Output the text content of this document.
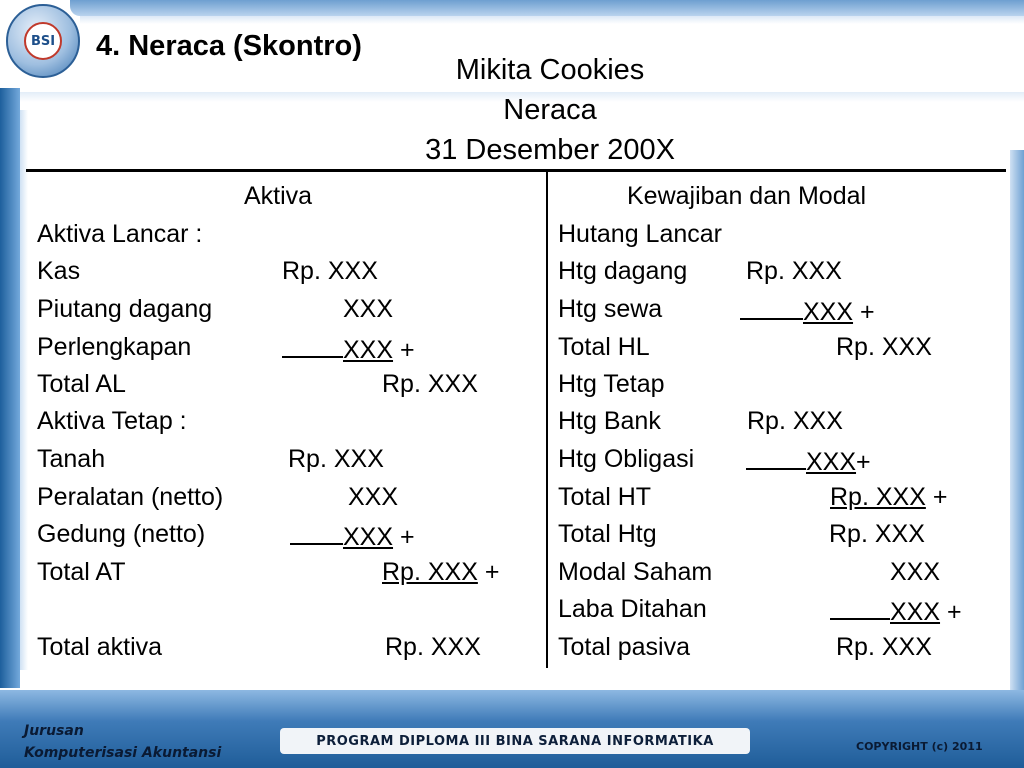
BSI 4. Neraca (Skontro)
Mikita Cookies
Neraca
31 Desember 200X
Aktiva
Aktiva Lancar :
Kas	Rp. XXX
Piutang dagang	XXX
Perlengkapan	XXX +
Total AL	Rp. XXX
Aktiva Tetap :
Tanah	Rp. XXX
Peralatan (netto)	XXX
Gedung (netto)	XXX +
Total AT	Rp. XXX +
Total aktiva	Rp. XXX
Kewajiban dan Modal
Hutang Lancar
Htg dagang Rp. XXX
Htg sewa	XXX +
Total HL	Rp. XXX
Htg Tetap
Htg Bank	Rp. XXX
Htg Obligasi	XXX+
Total HT	Rp. XXX +
Total Htg	Rp. XXX
Modal Saham	XXX
Laba Ditahan	XXX +
Total pasiva	Rp. XXX
Jurusan
Komputerisasi Akuntansi
PROGRAM DIPLOMA III BINA SARANA INFORMATIKA	COPYRIGHT (c) 2011
